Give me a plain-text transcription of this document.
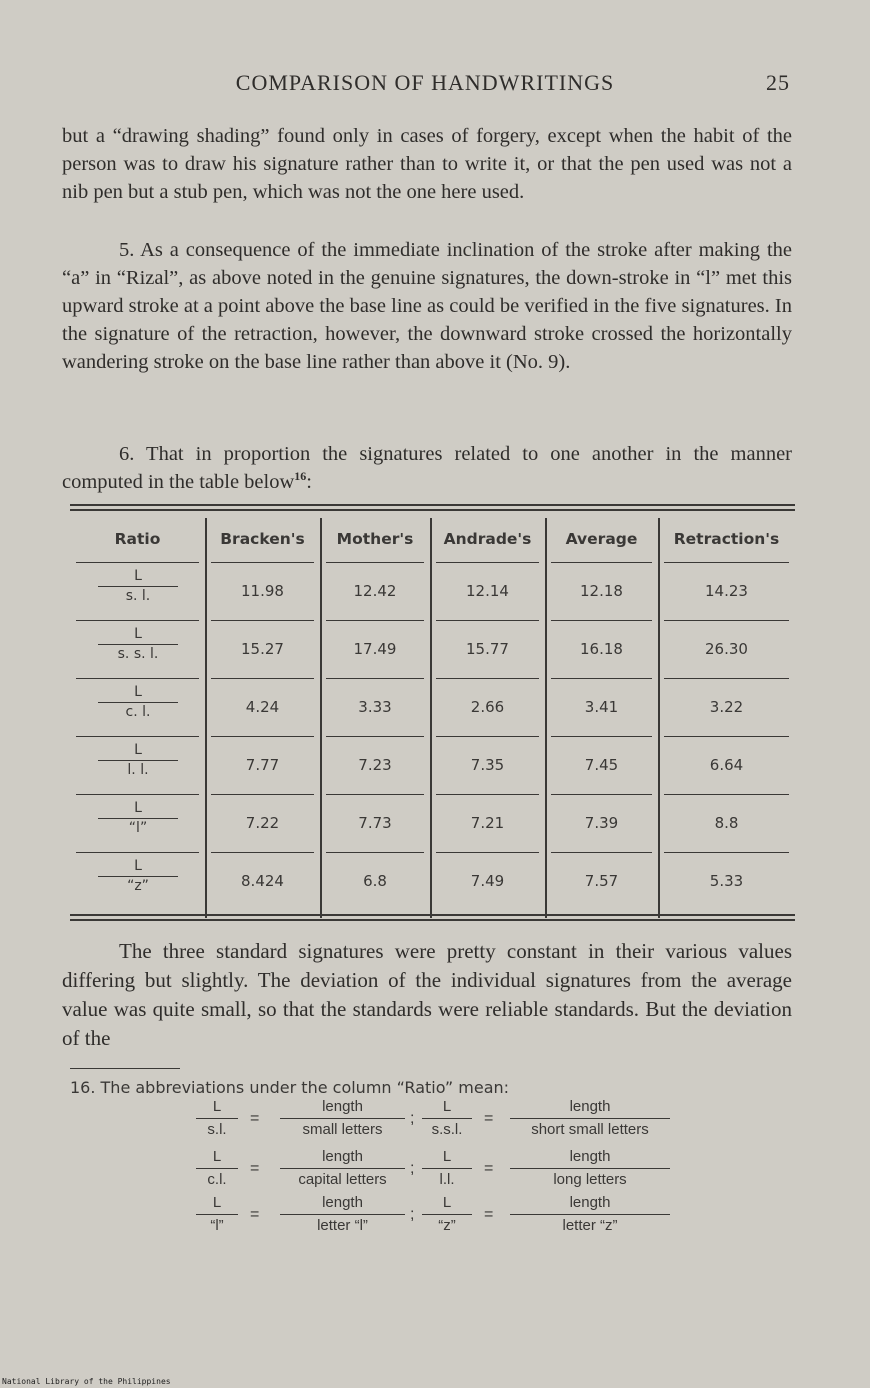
COMPARISON OF HANDWRITINGS	25
but a “drawing shading” found only in cases of forgery, except when the habit of the person was to draw his signature rather than to write it, or that the pen used was not a nib pen but a stub pen, which was not the one here used.
5. As a consequence of the immediate inclination of the stroke after making the “a” in “Rizal”, as above noted in the genuine signatures, the down-stroke in “l” met this upward stroke at a point above the base line as could be verified in the five signatures. In the signature of the retraction, however, the downward stroke crossed the horizontally wandering stroke on the base line rather than above it (No. 9).
6. That in proportion the signatures related to one another in the manner computed in the table below$^{16}$:
Ratio	Bracken's	Mother's	Andrade's	Average	Retraction's
L
s. l.	11.98	12.42	12.14	12.18	14.23
L
s. s. l.	15.27	17.49	15.77	16.18	26.30
L
c. l.	4.24	3.33	2.66	3.41	3.22
L
l. l.	7.77	7.23	7.35	7.45	6.64
L
“l”	7.22	7.73	7.21	7.39	8.8
L
“z”	8.424	6.8	7.49	7.57	5.33
The three standard signatures were pretty constant in their various values differing but slightly. The deviation of the individual signatures from the average value was quite small, so that the standards were reliable standards. But the deviation of the
16. The abbreviations under the column “Ratio” mean:
L
s.l.
=
length
small letters
;
L
s.s.l.
=
length
short small letters
L
c.l.
=
length
capital letters
;
L
l.l.
=
length
long letters
L
“l”
=
length
letter “l”
;
L
“z”
=
length
letter “z”
National Library of the Philippines
